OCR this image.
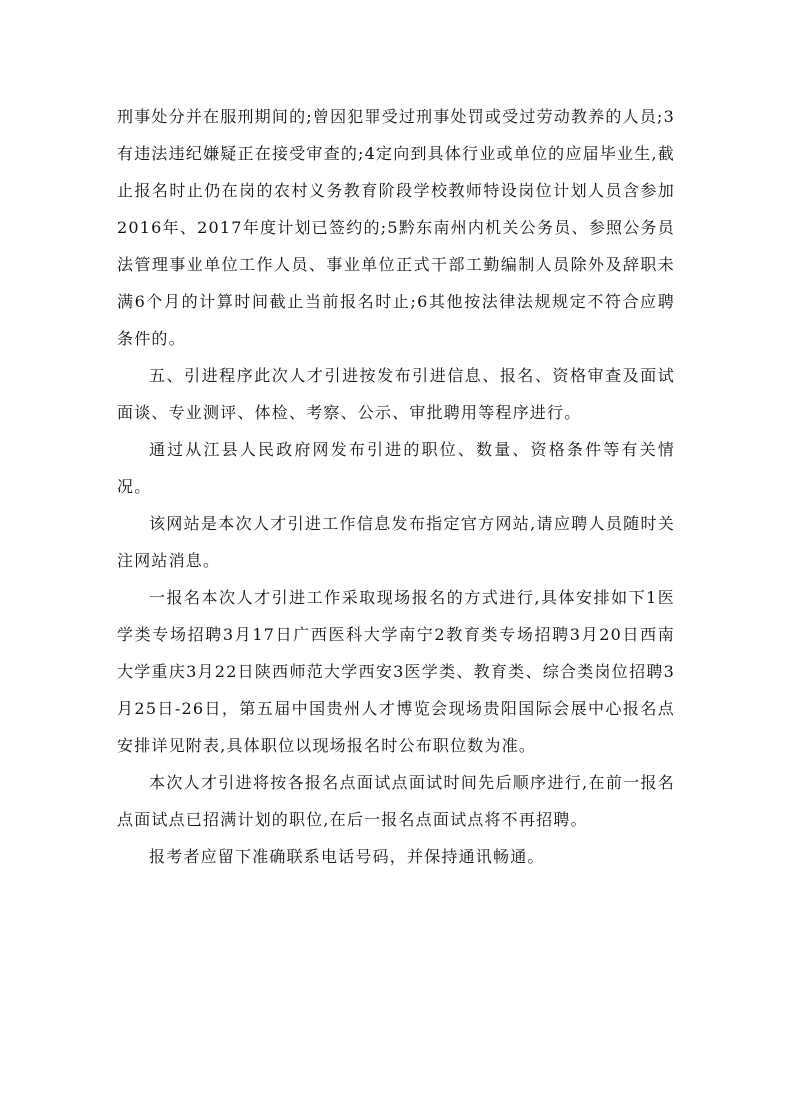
刑事处分并在服刑期间的;曾因犯罪受过刑事处罚或受过劳动教养的人员;3有违法违纪嫌疑正在接受审查的;4定向到具体行业或单位的应届毕业生,截止报名时止仍在岗的农村义务教育阶段学校教师特设岗位计划人员含参加2016年、2017年度计划已签约的;5黔东南州内机关公务员、参照公务员法管理事业单位工作人员、事业单位正式干部工勤编制人员除外及辞职未满6个月的计算时间截止当前报名时止;6其他按法律法规规定不符合应聘条件的。

五、引进程序此次人才引进按发布引进信息、报名、资格审查及面试面谈、专业测评、体检、考察、公示、审批聘用等程序进行。

通过从江县人民政府网发布引进的职位、数量、资格条件等有关情况。

该网站是本次人才引进工作信息发布指定官方网站,请应聘人员随时关注网站消息。

一报名本次人才引进工作采取现场报名的方式进行,具体安排如下1医学类专场招聘3月17日广西医科大学南宁2教育类专场招聘3月20日西南大学重庆3月22日陕西师范大学西安3医学类、教育类、综合类岗位招聘3月25日-26日，第五届中国贵州人才博览会现场贵阳国际会展中心报名点安排详见附表,具体职位以现场报名时公布职位数为准。

本次人才引进将按各报名点面试点面试时间先后顺序进行,在前一报名点面试点已招满计划的职位,在后一报名点面试点将不再招聘。

报考者应留下准确联系电话号码，并保持通讯畅通。
